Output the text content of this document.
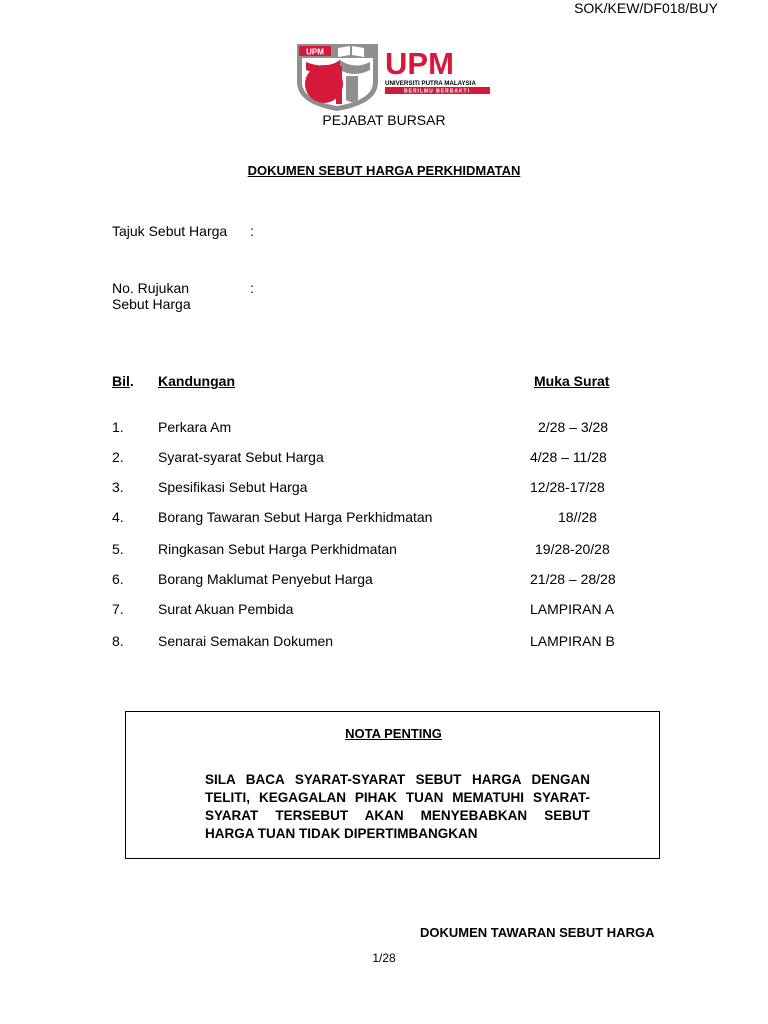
SOK/KEW/DF018/BUY
UPM UPM
UNIVERSITI PUTRA MALAYSIA
BERILMU BERBAKTI
PEJABAT BURSAR
DOKUMEN SEBUT HARGA PERKHIDMATAN
Tajuk Sebut Harga :
No. Rujukan
Sebut Harga
:
Bil. Kandungan	Muka Surat
1. Perkara Am	2/28 – 3/28
2. Syarat-syarat Sebut Harga	4/28 – 11/28
3. Spesifikasi Sebut Harga	12/28-17/28
4. Borang Tawaran Sebut Harga Perkhidmatan	18//28
5. Ringkasan Sebut Harga Perkhidmatan	19/28-20/28
6. Borang Maklumat Penyebut Harga	21/28 – 28/28
7. Surat Akuan Pembida	LAMPIRAN A
8. Senarai Semakan Dokumen	LAMPIRAN B
NOTA PENTING
SILA BACA SYARAT-SYARAT SEBUT HARGA DENGAN TELITI, KEGAGALAN PIHAK TUAN MEMATUHI SYARAT-SYARAT TERSEBUT AKAN MENYEBABKAN SEBUT HARGA TUAN TIDAK DIPERTIMBANGKAN
DOKUMEN TAWARAN SEBUT HARGA
1/28
